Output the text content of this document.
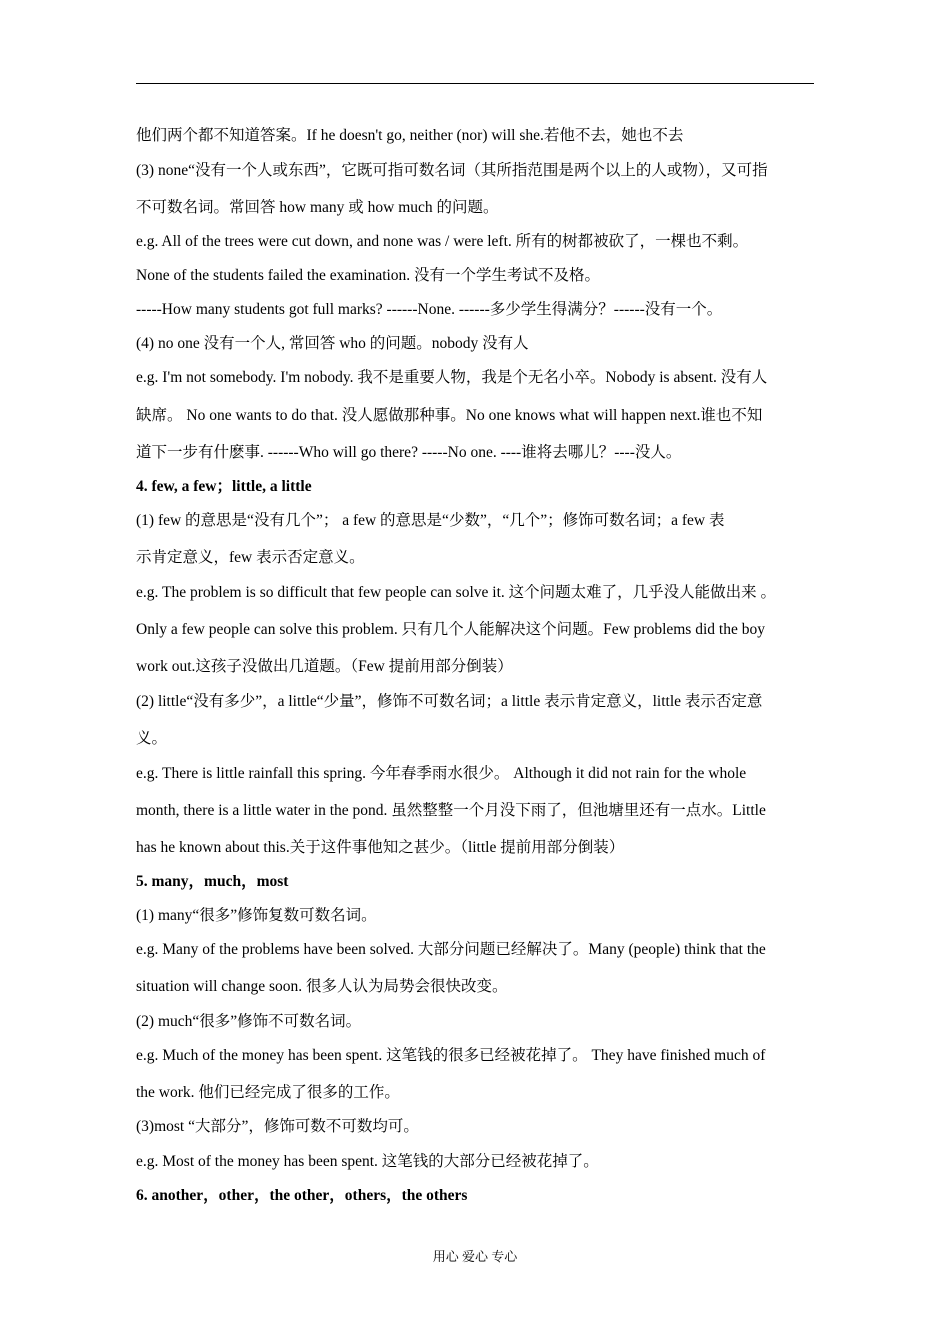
他们两个都不知道答案。If he doesn't go, neither (nor) will she.若他不去，她也不去
(3) none“没有一个人或东西”，它既可指可数名词（其所指范围是两个以上的人或物），又可指
不可数名词。常回答 how many 或 how much 的问题。
e.g. All of the trees were cut down, and none was / were left. 所有的树都被砍了，一棵也不剩。
None of the students failed the examination. 没有一个学生考试不及格。
-----How many students got full marks? ------None. ------多少学生得满分？------没有一个。
(4) no one 没有一个人, 常回答 who 的问题。nobody 没有人
e.g. I'm not somebody. I'm nobody. 我不是重要人物，我是个无名小卒。Nobody is absent. 没有人
缺席。 No one wants to do that. 没人愿做那种事。No one knows what will happen next.谁也不知
道下一步有什麽事. ------Who will go there? -----No one. ----谁将去哪儿？----没人。
4. few, a few；little, a little
(1) few 的意思是“没有几个”； a few 的意思是“少数”，“几个”；修饰可数名词；a few 表
示肯定意义，few 表示否定意义。
e.g. The problem is so difficult that few people can solve it. 这个问题太难了，几乎没人能做出来 。
Only a few people can solve this problem. 只有几个人能解决这个问题。Few problems did the boy
work out.这孩子没做出几道题。（Few 提前用部分倒装）
(2) little“没有多少”，a little“少量”，修饰不可数名词；a little 表示肯定意义，little 表示否定意
义。
e.g. There is little rainfall this spring. 今年春季雨水很少。 Although it did not rain for the whole
month, there is a little water in the pond. 虽然整整一个月没下雨了，但池塘里还有一点水。Little
has he known about this.关于这件事他知之甚少。（little 提前用部分倒装）
5. many，much，most
(1) many“很多”修饰复数可数名词。
e.g. Many of the problems have been solved. 大部分问题已经解决了。Many (people) think that the
situation will change soon. 很多人认为局势会很快改变。
(2) much“很多”修饰不可数名词。
e.g. Much of the money has been spent. 这笔钱的很多已经被花掉了。 They have finished much of
the work. 他们已经完成了很多的工作。
(3)most “大部分”，修饰可数不可数均可。
e.g. Most of the money has been spent. 这笔钱的大部分已经被花掉了。
6. another，other，the other，others，the others
用心 爱心 专心
